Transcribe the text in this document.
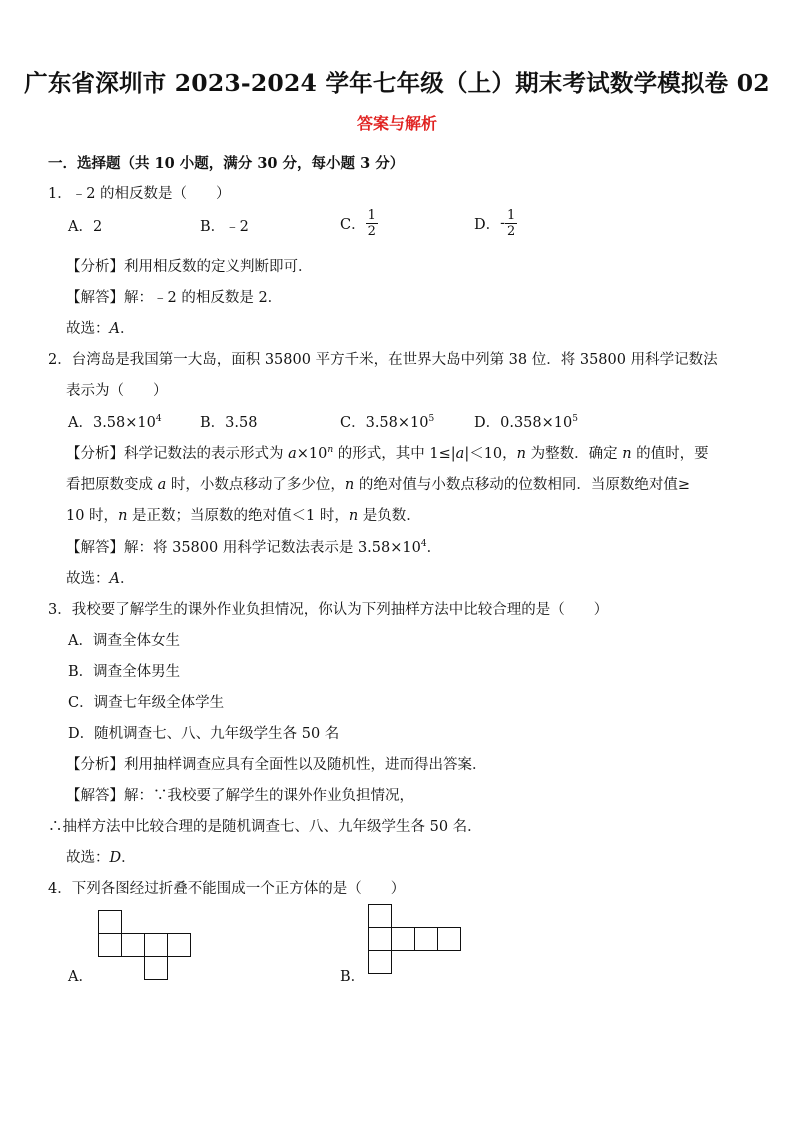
广东省深圳市 2023-2024 学年七年级（上）期末考试数学模拟卷 02
答案与解析
一．选择题（共 10 小题，满分 30 分，每小题 3 分）
1．﹣2 的相反数是（　　）
A．2	B．﹣2	C． $\frac{1}{2}$	D．- $\frac{1}{2}$
【分析】利用相反数的定义判断即可．
【解答】解：﹣2 的相反数是 2．
故选：A．
2．台湾岛是我国第一大岛，面积 35800 平方千米，在世界大岛中列第 38 位．将 35800 用科学记数法
表示为（　　）
A．$3.58\times 10^4$	B．3.58	C．$3.58\times 10^5$	D．$0.358\times 10^5$
【分析】科学记数法的表示形式为 $a\times 10^n$ 的形式，其中 1≤|a|＜10，n 为整数．确定 n 的值时，要
看把原数变成 a 时，小数点移动了多少位，n 的绝对值与小数点移动的位数相同．当原数绝对值≥
10 时，n 是正数；当原数的绝对值＜1 时，n 是负数．
【解答】解：将 35800 用科学记数法表示是 $3.58\times 10^4$．
故选：A．
3．我校要了解学生的课外作业负担情况，你认为下列抽样方法中比较合理的是（　　）
A．调查全体女生
B．调查全体男生
C．调查七年级全体学生
D．随机调查七、八、九年级学生各 50 名
【分析】利用抽样调查应具有全面性以及随机性，进而得出答案．
【解答】解：∵我校要了解学生的课外作业负担情况，
∴抽样方法中比较合理的是随机调查七、八、九年级学生各 50 名．
故选：D．
4．下列各图经过折叠不能围成一个正方体的是（　　）
A．	B．
